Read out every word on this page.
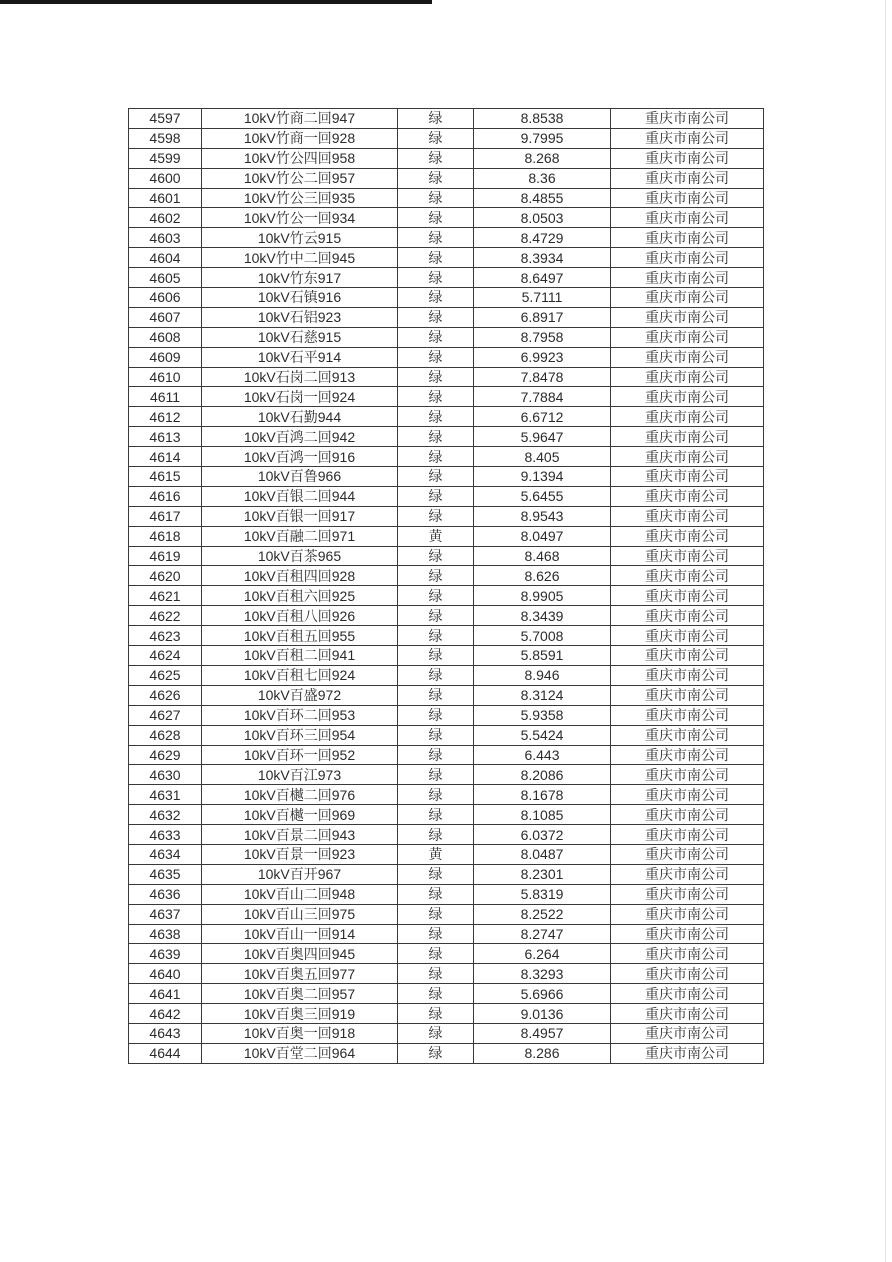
4597	10kV竹商二回947	绿	8.8538	重庆市南公司
4598	10kV竹商一回928	绿	9.7995	重庆市南公司
4599	10kV竹公四回958	绿	8.268	重庆市南公司
4600	10kV竹公二回957	绿	8.36	重庆市南公司
4601	10kV竹公三回935	绿	8.4855	重庆市南公司
4602	10kV竹公一回934	绿	8.0503	重庆市南公司
4603	10kV竹云915	绿	8.4729	重庆市南公司
4604	10kV竹中二回945	绿	8.3934	重庆市南公司
4605	10kV竹东917	绿	8.6497	重庆市南公司
4606	10kV石镇916	绿	5.7111	重庆市南公司
4607	10kV石铝923	绿	6.8917	重庆市南公司
4608	10kV石慈915	绿	8.7958	重庆市南公司
4609	10kV石平914	绿	6.9923	重庆市南公司
4610	10kV石岗二回913	绿	7.8478	重庆市南公司
4611	10kV石岗一回924	绿	7.7884	重庆市南公司
4612	10kV石勤944	绿	6.6712	重庆市南公司
4613	10kV百鸿二回942	绿	5.9647	重庆市南公司
4614	10kV百鸿一回916	绿	8.405	重庆市南公司
4615	10kV百鲁966	绿	9.1394	重庆市南公司
4616	10kV百银二回944	绿	5.6455	重庆市南公司
4617	10kV百银一回917	绿	8.9543	重庆市南公司
4618	10kV百融二回971	黄	8.0497	重庆市南公司
4619	10kV百茶965	绿	8.468	重庆市南公司
4620	10kV百租四回928	绿	8.626	重庆市南公司
4621	10kV百租六回925	绿	8.9905	重庆市南公司
4622	10kV百租八回926	绿	8.3439	重庆市南公司
4623	10kV百租五回955	绿	5.7008	重庆市南公司
4624	10kV百租二回941	绿	5.8591	重庆市南公司
4625	10kV百租七回924	绿	8.946	重庆市南公司
4626	10kV百盛972	绿	8.3124	重庆市南公司
4627	10kV百环二回953	绿	5.9358	重庆市南公司
4628	10kV百环三回954	绿	5.5424	重庆市南公司
4629	10kV百环一回952	绿	6.443	重庆市南公司
4630	10kV百江973	绿	8.2086	重庆市南公司
4631	10kV百樾二回976	绿	8.1678	重庆市南公司
4632	10kV百樾一回969	绿	8.1085	重庆市南公司
4633	10kV百景二回943	绿	6.0372	重庆市南公司
4634	10kV百景一回923	黄	8.0487	重庆市南公司
4635	10kV百开967	绿	8.2301	重庆市南公司
4636	10kV百山二回948	绿	5.8319	重庆市南公司
4637	10kV百山三回975	绿	8.2522	重庆市南公司
4638	10kV百山一回914	绿	8.2747	重庆市南公司
4639	10kV百奥四回945	绿	6.264	重庆市南公司
4640	10kV百奥五回977	绿	8.3293	重庆市南公司
4641	10kV百奥二回957	绿	5.6966	重庆市南公司
4642	10kV百奥三回919	绿	9.0136	重庆市南公司
4643	10kV百奥一回918	绿	8.4957	重庆市南公司
4644	10kV百堂二回964	绿	8.286	重庆市南公司
